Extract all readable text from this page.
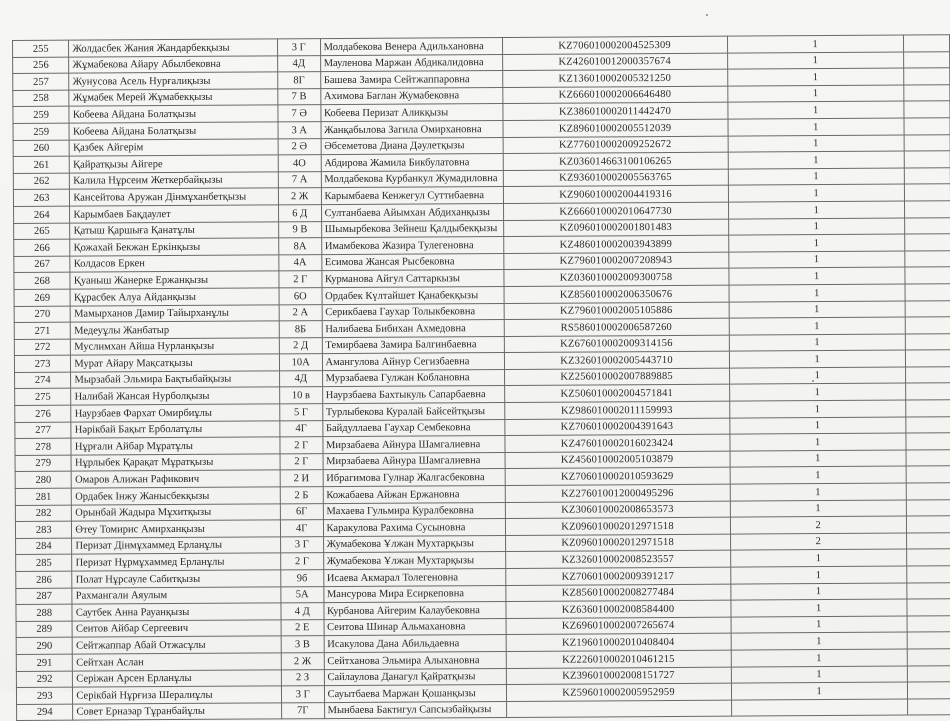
255	Жолдасбек Жания Жандарбекқызы	3 Г	Молдабекова Венера Адильхановна	KZ706010002004525309	1	
256	Жұмабекова Айару Абылбековна	4Д	Мауленова Маржан Абдикалидовна	KZ426010012000357674	1	
257	Жунусова Асель Нурғалиқызы	8Г	Башева Замира Сейтжаппаровна	KZ136010002005321250	1	
258	Жұмабек Мерей Жұмабекқызы	7 В	Ахимова Баглан Жумабековна	KZ666010002006646480	1	
259	Кобеева Айдана Болатқызы	7 Ә	Кобеева Перизат Аликқызы	KZ386010002011442470	1	
259	Кобеева Айдана Болатқызы	3 А	Жанқабылова Загила Омирхановна	KZ896010002005512039	1	
260	Қазбек Айгерім	2 Ә	Әбсеметова Диана Дәулетқызы	KZ776010002009252672	1	
261	Қайратқызы Айгерe	4О	Абдирова Жамила Бикбулатовна	KZ036014663100106265	1	
262	Калила Нұрсеим Жеткербайқызы	7 А	Молдабекова Курбанкул Жумадиловна	KZ936010002005563765	1	
263	Кансейтова Аружан Дінмұханбетқызы	2 Ж	Карымбаева Кенжегул Суттибаевна	KZ906010002004419316	1	
264	Карымбаев Бақдаулет	6 Д	Султанбаева Айымхан Абдиханқызы	KZ666010002010647730	1	
265	Қатыш Қаршыға Қанатұлы	9 В	Шымырбекова Зейнеш Қалдыбекқызы	KZ096010002001801483	1	
266	Қожахай Бекжан Еркінқызы	8А	Имамбекова Жазира Тулегеновна	KZ486010002003943899	1	
267	Колдасов Еркен	4А	Есимова Жансая Рысбековна	KZ796010002007208943	1	
268	Қуаныш Жанерке Ержанқызы	2 Г	Курманова Айгул Саттаркызы	KZ036010002009300758	1	
269	Құрасбек Алуа Айданқызы	6О	Ордабек Күлтайшет Қанабекқызы	KZ856010002006350676	1	
270	Мамырханов Дамир Тайырханұлы	2 А	Серикбаева Гаухар Толыкбековна	KZ796010002005105886	1	
271	Медеуұлы Жанбатыр	8Б	Налибаева Бибихан Ахмедовна	RS586010002006587260	1	
272	Муслимхан Айша Нурланқызы	2 Д	Темирбаева Замира Балгинбаевна	KZ676010002009314156	1	
273	Мурат Айару Мақсатқызы	10А	Амангулова Айнур Сегизбаевна	KZ326010002005443710	1	
274	Мырзабай Эльмира Бақтыбайқызы	4Д	Мурзабаева Гулжан Коблановна	KZ256010002007889885	1	
275	Налибай Жансая Нурболқызы	10 в	Наурзбаева Бахтыкуль Сапарбаевна	KZ506010002004571841	1	
276	Наурзбаев Фархат Омирбиұлы	5 Г	Турлыбекова Куралай Байсейтқызы	KZ986010002011159993	1	
277	Нәрікбай Бақыт Ерболатұлы	4Г	Байдуллаева Гаухар Сембековна	KZ706010002004391643	1	
278	Нұрғали Айбар Мұратұлы	2 Г	Мирзабаева Айнура Шамгалиевна	KZ476010002016023424	1	
279	Нұрлыбек Қарақат Мұратқызы	2 Г	Мирзабаева Айнура Шамгалиевна	KZ456010002005103879	1	
280	Омаров Алижан Рафикович	2 И	Ибрагимова Гулнар Жалгасбековна	KZ706010002010593629	1	
281	Ордабек Інжу Жанысбекқызы	2 Б	Кожабаева Айжан Ержановна	KZ276010012000495296	1	
282	Орынбай Жадыра Мұхитқызы	6Г	Махаева Гульмира Куралбековна	KZ306010002008653573	1	
283	Өтеу Томирис Амирханқызы	4Г	Каракулова Рахима Сусыновна	KZ096010002012971518	2	
284	Перизат Дінмұхаммед Ерланұлы	3 Г	Жумабекова Ұлжан Мухтарқызы	KZ096010002012971518	2	
285	Перизат Нұрмұхаммед Ерланұлы	2 Г	Жумабекова Ұлжан Мухтарқызы	KZ326010002008523557	1	
286	Полат Нұрсауле Сабитқызы	9б	Исаева Акмарал Толегеновна	KZ706010002009391217	1	
287	Рахмангали Аяулым	5А	Мансурова Мира Есиркеповна	KZ856010002008277484	1	
288	Саутбек Анна Рауанқызы	4 Д	Курбанова Айгерим Калаубековна	KZ636010002008584400	1	
289	Сеитов Айбар Сергеевич	2 Е	Сеитова Шинар Альмахановна	KZ696010002007265674	1	
290	Сейтжаппар Абай Отжасұлы	3 В	Исакулова Дана Абильдаевна	KZ196010002010408404	1	
291	Сейтхан Аслан	2 Ж	Сейтханова Эльмира Алыхановна	KZ226010002010461215	1	
292	Серіжан Арсен Ерланұлы	2 З	Сайлаулова Данагул Қайратқызы	KZ396010002008151727	1	
293	Серікбай Нұрғиза Шералиұлы	3 Г	Сауытбаева Маржан Қошанқызы	KZ596010002005952959	1	
294	Совет Ернаэар Тұранбайұлы	7Г	Мынбаева Бактигул Сапсызбайқызы			
